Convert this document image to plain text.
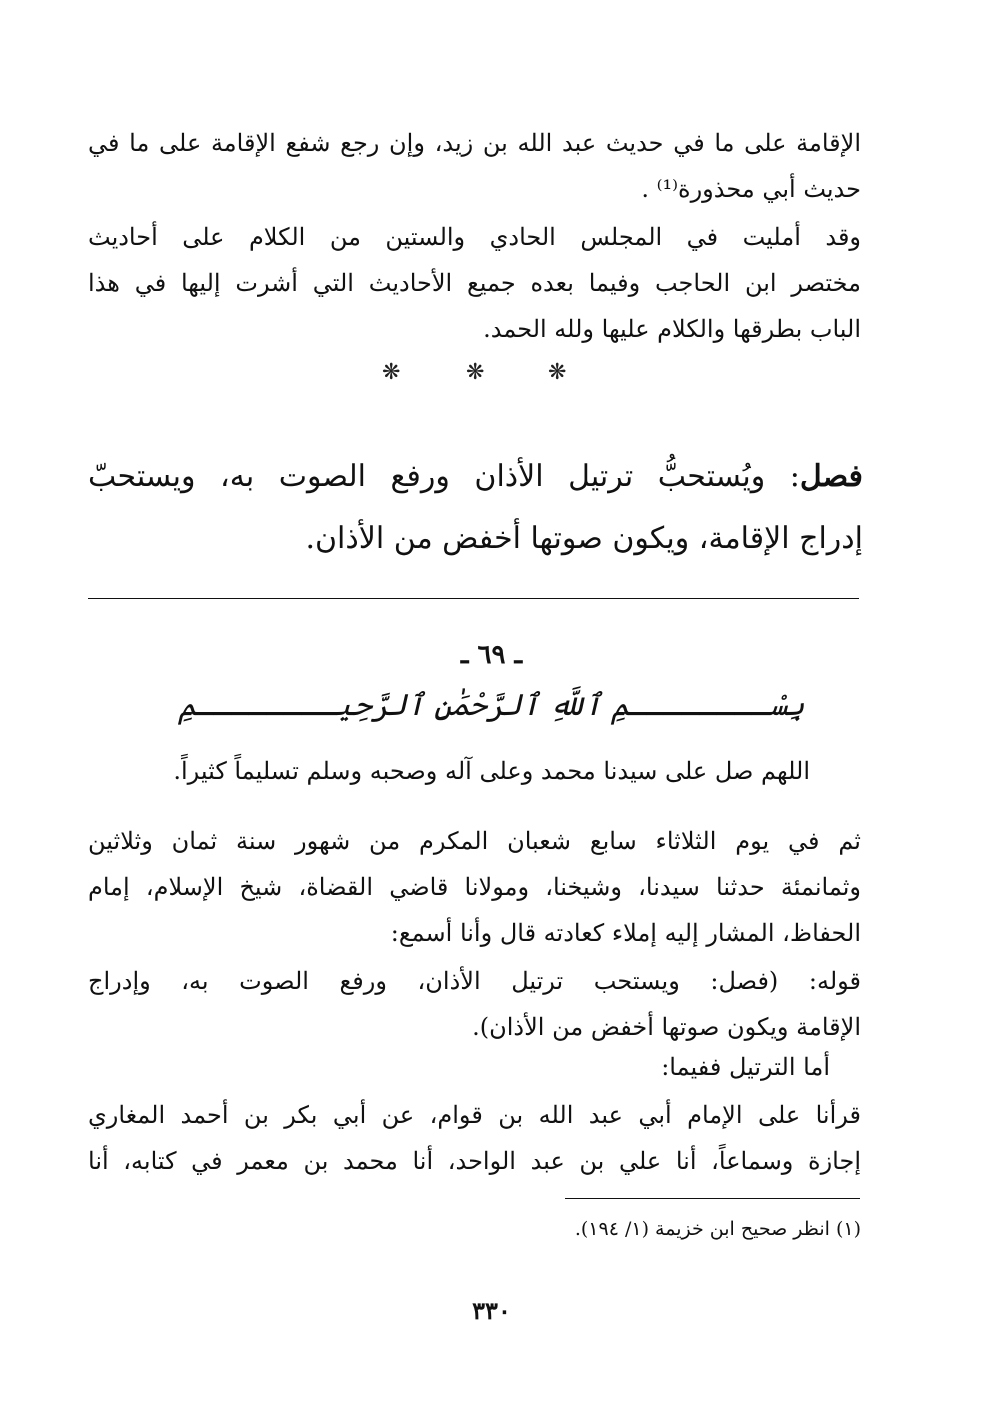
الإقامة على ما في حديث عبد الله بن زيد، وإن رجع شفع الإقامة على ما في
حديث أبي محذورة⁽¹⁾ .
وقد أمليت في المجلس الحادي والستين من الكلام على أحاديث
مختصر ابن الحاجب وفيما بعده جميع الأحاديث التي أشرت إليها في هذا
الباب بطرقها والكلام عليها ولله الحمد.
❋	❋	❋
فصل: ويُستحبُّ ترتيل الأذان ورفع الصوت به، ويستحبّ
إدراج الإقامة، ويكون صوتها أخفض من الأذان.
ـ ٦٩ ـ
بِسْــــــــمِ ٱللَّهِ ٱلرَّحْمَٰنِ ٱلرَّحِيــــــــمِ
اللهم صل على سيدنا محمد وعلى آله وصحبه وسلم تسليماً كثيراً.
ثم في يوم الثلاثاء سابع شعبان المكرم من شهور سنة ثمان وثلاثين
وثمانمئة حدثنا سيدنا، وشيخنا، ومولانا قاضي القضاة، شيخ الإسلام، إمام
الحفاظ، المشار إليه إملاء كعادته قال وأنا أسمع:
قوله: (فصل: ويستحب ترتيل الأذان، ورفع الصوت به، وإدراج
الإقامة ويكون صوتها أخفض من الأذان).
أما الترتيل ففيما:
قرأنا على الإمام أبي عبد الله بن قوام، عن أبي بكر بن أحمد المغاري
إجازة وسماعاً، أنا علي بن عبد الواحد، أنا محمد بن معمر في كتابه، أنا
(١) انظر صحيح ابن خزيمة (١/ ١٩٤).
٣٣٠
